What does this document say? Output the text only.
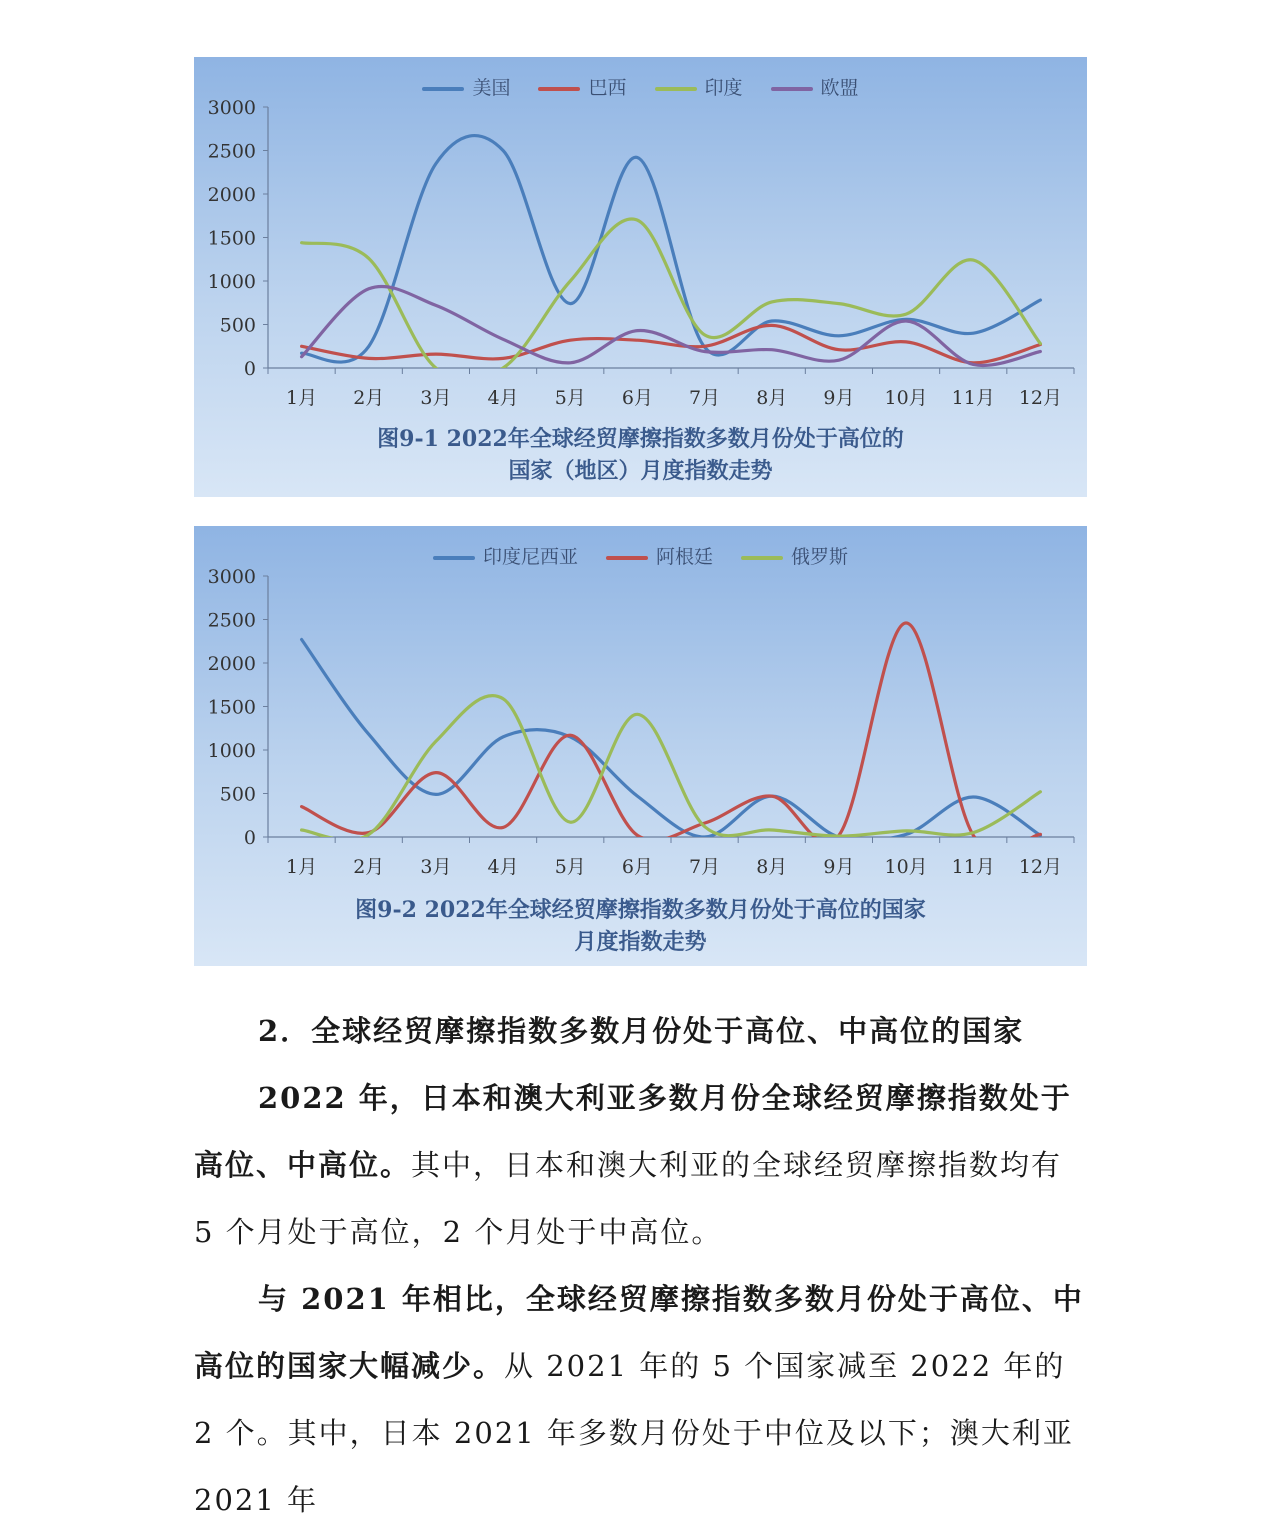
0
500
1000
1500
2000
2500
3000
1月 2月 3月 4月 5月 6月 7月 8月 9月 10月 11月 12月
美国	巴西	印度	欧盟
图9-1 2022年全球经贸摩擦指数多数月份处于高位的
国家（地区）月度指数走势
0
500
1000
1500
2000
2500
3000
1月 2月 3月 4月 5月 6月 7月 8月 9月 10月 11月 12月
印度尼西亚	阿根廷	俄罗斯
图9-2 2022年全球经贸摩擦指数多数月份处于高位的国家
月度指数走势

2．全球经贸摩擦指数多数月份处于高位、中高位的国家

2022 年，日本和澳大利亚多数月份全球经贸摩擦指数处于高位、中高位。其中，日本和澳大利亚的全球经贸摩擦指数均有 5 个月处于高位，2 个月处于中高位。

与 2021 年相比，全球经贸摩擦指数多数月份处于高位、中高位的国家大幅减少。从 2021 年的 5 个国家减至 2022 年的 2 个。其中，日本 2021 年多数月份处于中位及以下；澳大利亚 2021 年
